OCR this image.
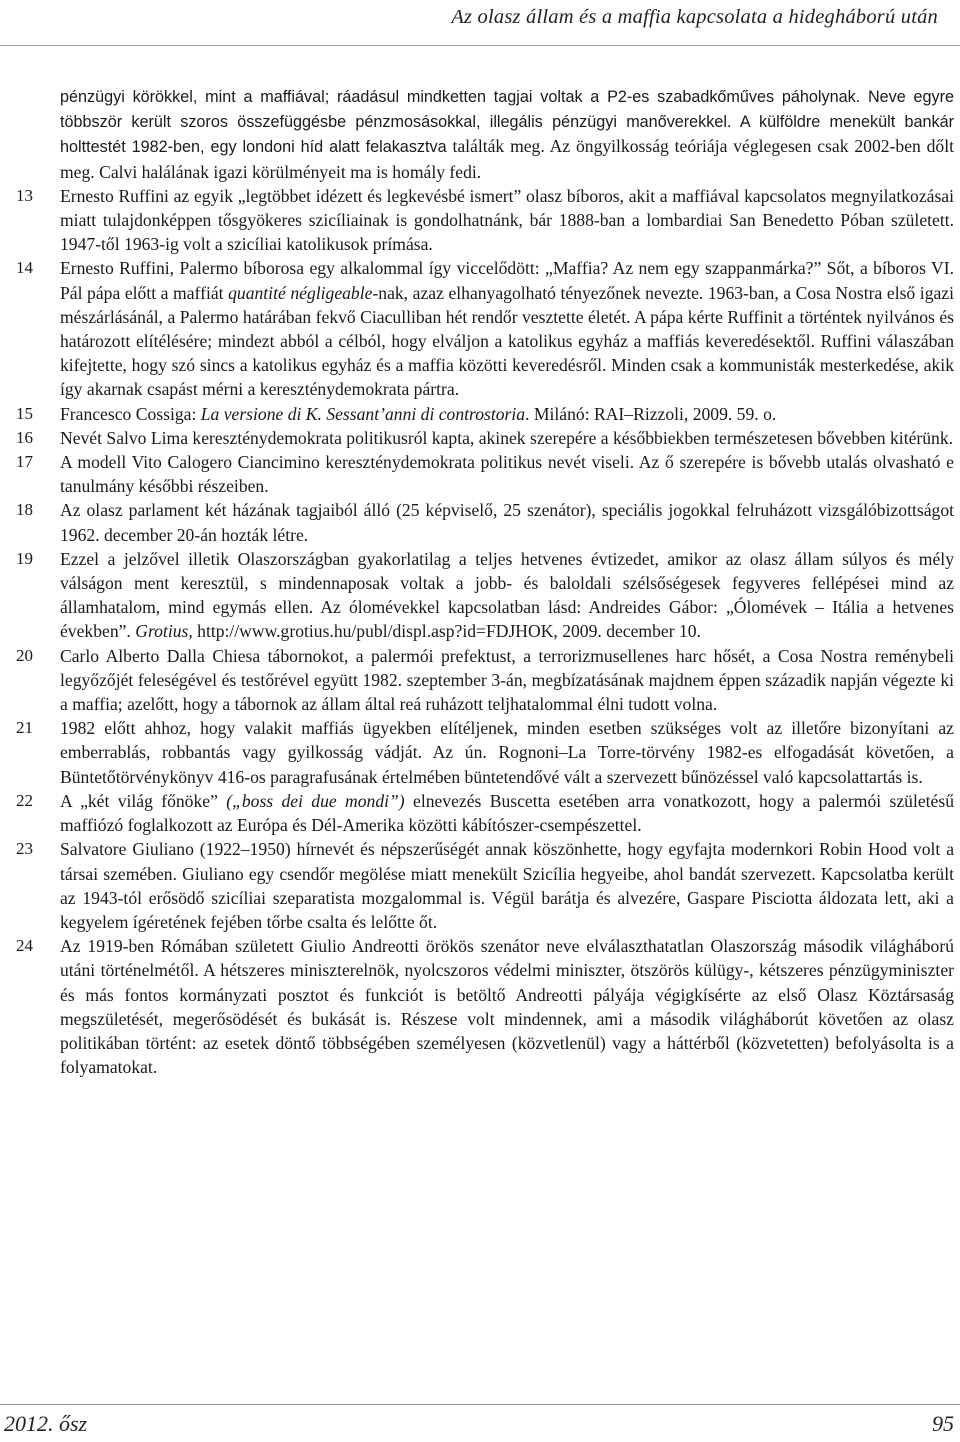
Az olasz állam és a maffia kapcsolata a hidegháború után

pénzügyi körökkel, mint a maffiával; ráadásul mindketten tagjai voltak a P2-es szabadkőműves páholynak. Neve egyre többször került szoros összefüggésbe pénzmosásokkal, illegális pénzügyi manőverekkel. A külföldre menekült bankár holttestét 1982-ben, egy londoni híd alatt felakasztva találták meg. Az öngyilkosság teóriája véglegesen csak 2002-ben dőlt meg. Calvi halálának igazi körülményeit ma is homály fedi.

13	Ernesto Ruffini az egyik „legtöbbet idézett és legkevésbé ismert” olasz bíboros, akit a maffiával kapcsolatos megnyilatkozásai miatt tulajdonképpen tősgyökeres szicíliainak is gondolhatnánk, bár 1888-ban a lombardiai San Benedetto Póban született. 1947-től 1963-ig volt a szicíliai katolikusok prímása.

14	Ernesto Ruffini, Palermo bíborosa egy alkalommal így viccelődött: „Maffia? Az nem egy szappanmárka?” Sőt, a bíboros VI. Pál pápa előtt a maffiát quantité négligeable-nak, azaz elhanyagolható tényezőnek nevezte. 1963-ban, a Cosa Nostra első igazi mészárlásánál, a Palermo határában fekvő Ciaculliban hét rendőr vesztette életét. A pápa kérte Ruffinit a történtek nyilvános és határozott elítélésére; mindezt abból a célból, hogy elváljon a katolikus egyház a maffiás keveredésektől. Ruffini válaszában kifejtette, hogy szó sincs a katolikus egyház és a maffia közötti keveredésről. Minden csak a kommunisták mesterkedése, akik így akarnak csapást mérni a kereszténydemokrata pártra.

15	Francesco Cossiga: La versione di K. Sessant’anni di controstoria. Milánó: RAI–Rizzoli, 2009. 59. o.

16	Nevét Salvo Lima kereszténydemokrata politikusról kapta, akinek szerepére a későbbiekben természetesen bővebben kitérünk.

17	A modell Vito Calogero Ciancimino kereszténydemokrata politikus nevét viseli. Az ő szerepére is bővebb utalás olvasható e tanulmány későbbi részeiben.

18	Az olasz parlament két házának tagjaiból álló (25 képviselő, 25 szenátor), speciális jogokkal felruházott vizsgálóbizottságot 1962. december 20-án hozták létre.

19	Ezzel a jelzővel illetik Olaszországban gyakorlatilag a teljes hetvenes évtizedet, amikor az olasz állam súlyos és mély válságon ment keresztül, s mindennaposak voltak a jobb- és baloldali szélsőségesek fegyveres fellépései mind az államhatalom, mind egymás ellen. Az ólomévekkel kapcsolatban lásd: Andreides Gábor: „Ólomévek – Itália a hetvenes években”. Grotius, http://www.grotius.hu/publ/displ.asp?id=FDJHOK, 2009. december 10.

20	Carlo Alberto Dalla Chiesa tábornokot, a palermói prefektust, a terrorizmusellenes harc hősét, a Cosa Nostra reménybeli legyőzőjét feleségével és testőrével együtt 1982. szeptember 3-án, megbízatásának majdnem éppen századik napján végezte ki a maffia; azelőtt, hogy a tábornok az állam által reá ruházott teljhatalommal élni tudott volna.

21	1982 előtt ahhoz, hogy valakit maffiás ügyekben elítéljenek, minden esetben szükséges volt az illetőre bizonyítani az emberrablás, robbantás vagy gyilkosság vádját. Az ún. Rognoni–La Torre-törvény 1982-es elfogadását követően, a Büntetőtörvénykönyv 416-os paragrafusának értelmében büntetendővé vált a szervezett bűnözéssel való kapcsolattartás is.

22	A „két világ főnöke” („boss dei due mondi”) elnevezés Buscetta esetében arra vonatkozott, hogy a palermói születésű maffiózó foglalkozott az Európa és Dél-Amerika közötti kábítószer-csempészettel.

23	Salvatore Giuliano (1922–1950) hírnevét és népszerűségét annak köszönhette, hogy egyfajta modernkori Robin Hood volt a társai szemében. Giuliano egy csendőr megölése miatt menekült Szicília hegyeibe, ahol bandát szervezett. Kapcsolatba került az 1943-tól erősödő szicíliai szeparatista mozgalommal is. Végül barátja és alvezére, Gaspare Pisciotta áldozata lett, aki a kegyelem ígéretének fejében tőrbe csalta és lelőtte őt.

24	Az 1919-ben Rómában született Giulio Andreotti örökös szenátor neve elválaszthatatlan Olaszország második világháború utáni történelmétől. A hétszeres miniszterelnök, nyolcszoros védelmi miniszter, ötszörös külügy-, kétszeres pénzügyminiszter és más fontos kormányzati posztot és funkciót is betöltő Andreotti pályája végigkísérte az első Olasz Köztársaság megszületését, megerősödését és bukását is. Részese volt mindennek, ami a második világháborút követően az olasz politikában történt: az esetek döntő többségében személyesen (közvetlenül) vagy a háttérből (közvetetten) befolyásolta is a folyamatokat.

2012. ősz	95
